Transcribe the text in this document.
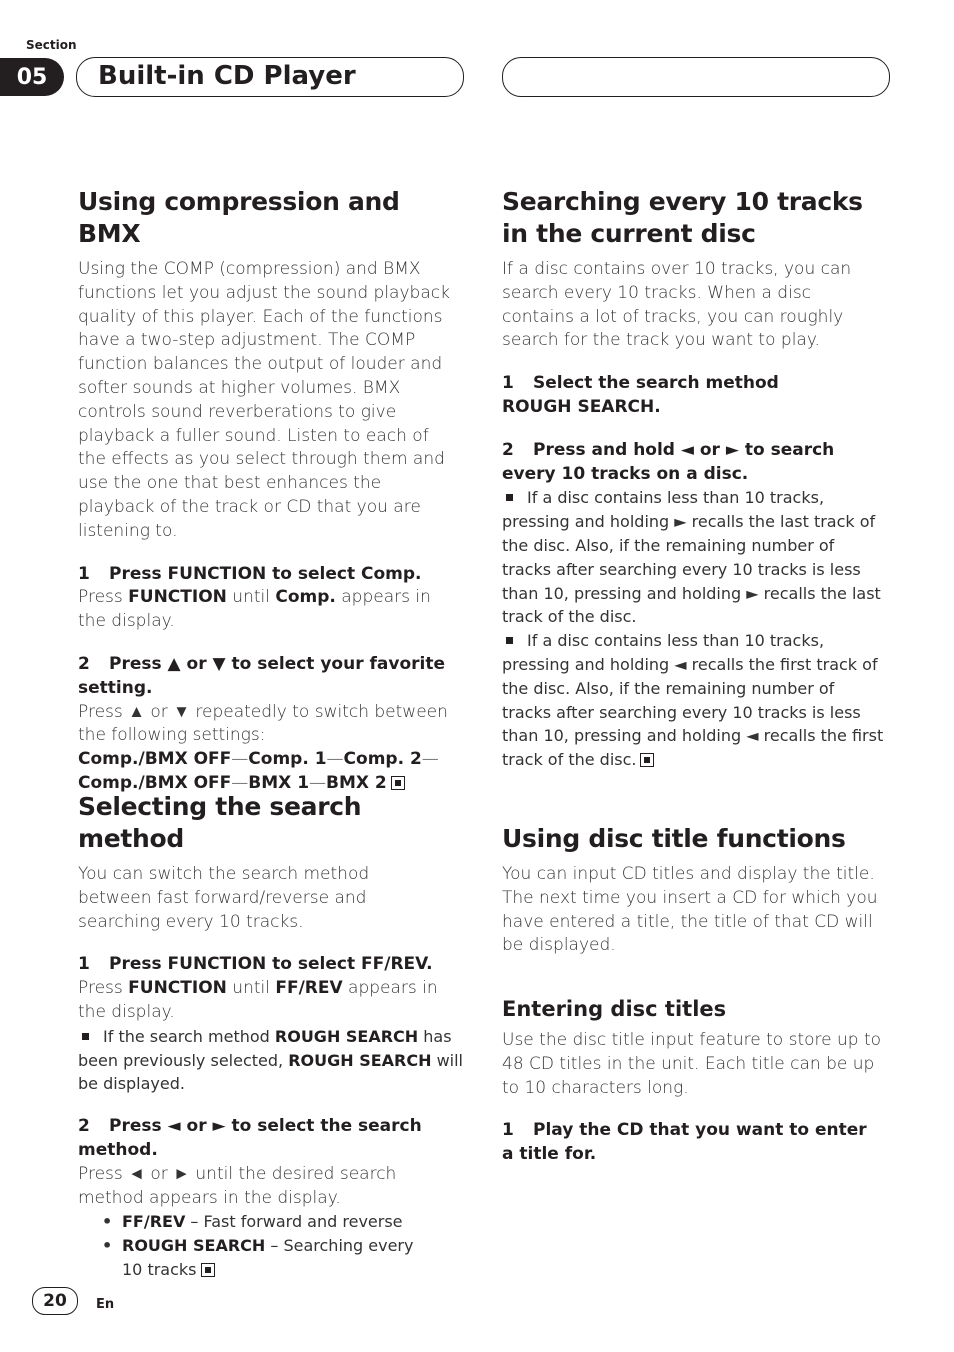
Section
05	Built-in CD Player
Using compression and BMX

Using the COMP (compression) and BMX functions let you adjust the sound playback quality of this player. Each of the functions have a two-step adjustment. The COMP function balances the output of louder and softer sounds at higher volumes. BMX controls sound reverberations to give playback a fuller sound. Listen to each of the effects as you select through them and use the one that best enhances the playback of the track or CD that you are listening to.

1 Press FUNCTION to select Comp.

Press FUNCTION until Comp. appears in the display.

2 Press ▲ or ▼ to select your favorite setting.

Press ▲ or ▼ repeatedly to switch between the following settings:

Comp./BMX OFF—Comp. 1—Comp. 2—
Comp./BMX OFF—BMX 1—BMX 2

Selecting the search method

You can switch the search method between fast forward/reverse and searching every 10 tracks.

1 Press FUNCTION to select FF/REV.

Press FUNCTION until FF/REV appears in the display.

If the search method ROUGH SEARCH has been previously selected, ROUGH SEARCH will be displayed.

2 Press ◄ or ► to select the search method.

Press ◄ or ► until the desired search method appears in the display.

• FF/REV – Fast forward and reverse

• ROUGH SEARCH – Searching every 10 tracks

Searching every 10 tracks in the current disc

If a disc contains over 10 tracks, you can search every 10 tracks. When a disc contains a lot of tracks, you can roughly search for the track you want to play.

1 Select the search method ROUGH SEARCH.

2 Press and hold ◄ or ► to search every 10 tracks on a disc.

If a disc contains less than 10 tracks, pressing and holding ► recalls the last track of the disc. Also, if the remaining number of tracks after searching every 10 tracks is less than 10, pressing and holding ► recalls the last track of the disc.

If a disc contains less than 10 tracks, pressing and holding ◄ recalls the first track of the disc. Also, if the remaining number of tracks after searching every 10 tracks is less than 10, pressing and holding ◄ recalls the first track of the disc.

Using disc title functions

You can input CD titles and display the title. The next time you insert a CD for which you have entered a title, the title of that CD will be displayed.

Entering disc titles

Use the disc title input feature to store up to 48 CD titles in the unit. Each title can be up to 10 characters long.

1 Play the CD that you want to enter a title for.

20	En
